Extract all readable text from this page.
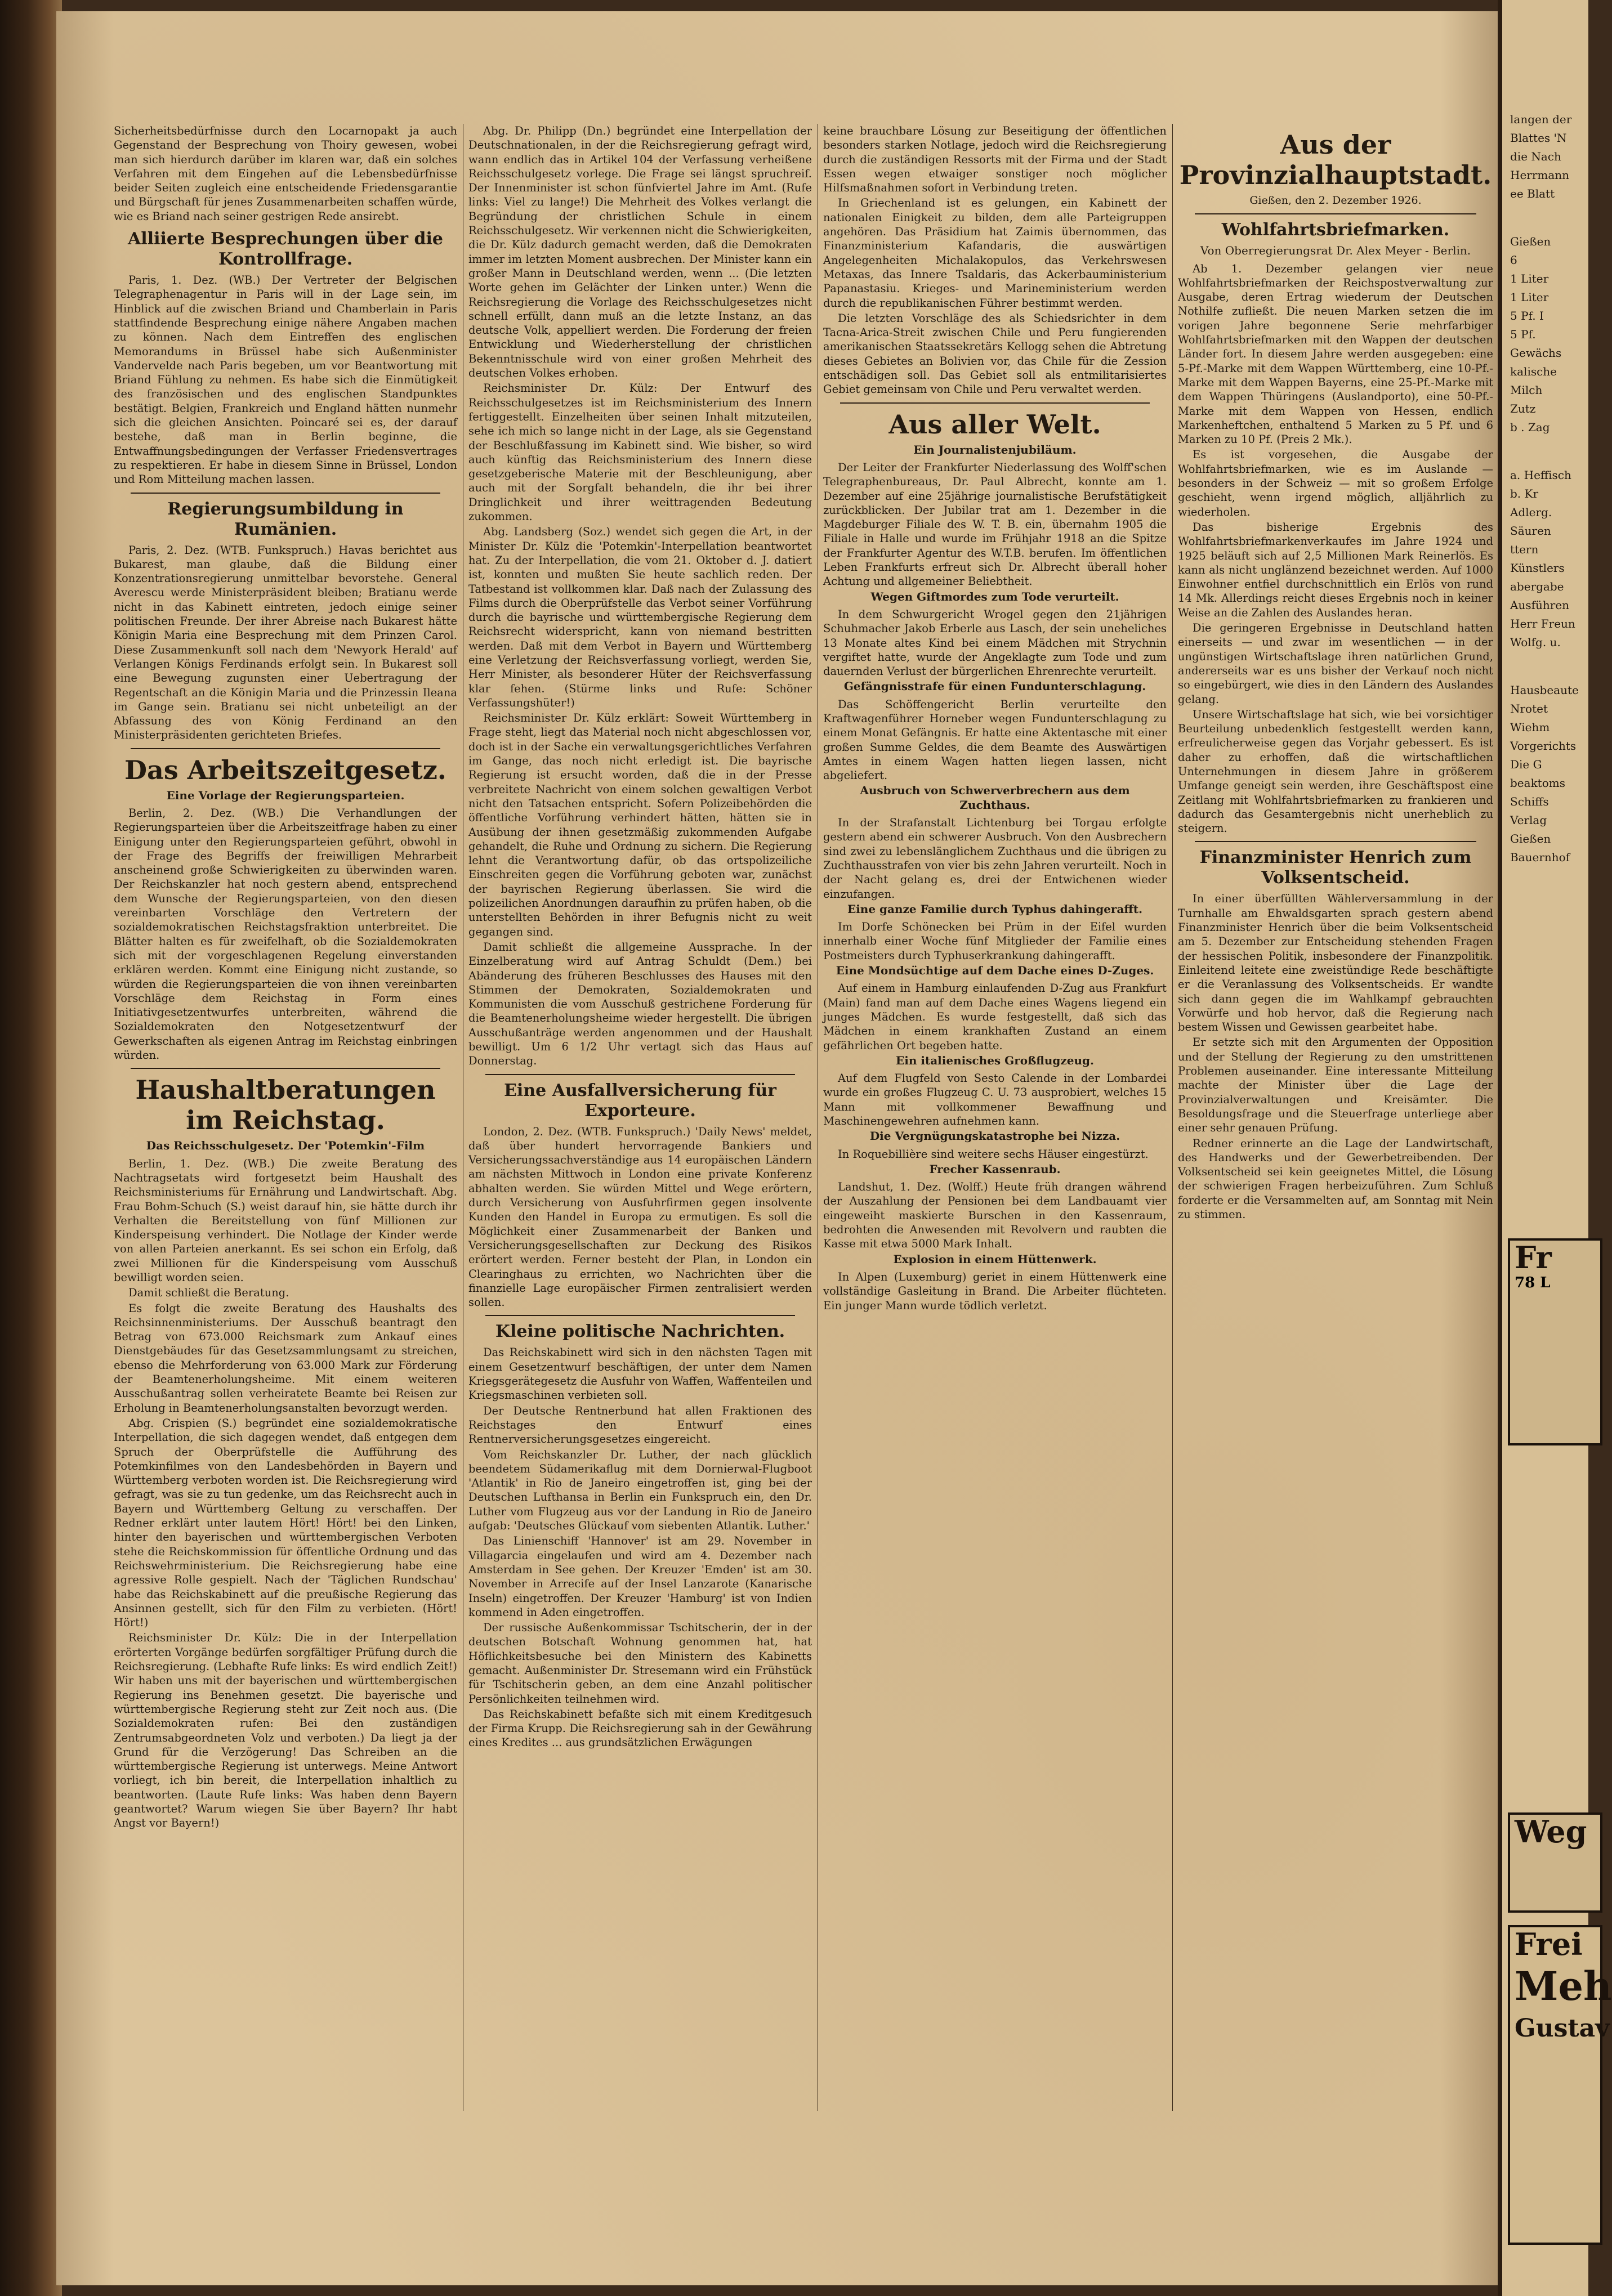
Sicherheitsbedürfnisse durch den Locarnopakt ja auch Gegenstand der Besprechung von Thoiry gewesen, wobei man sich hierdurch darüber im klaren war, daß ein solches Verfahren mit dem Eingehen auf die Lebensbedürfnisse beider Seiten zugleich eine entscheidende Friedensgarantie und Bürgschaft für jenes Zusammenarbeiten schaffen würde, wie es Briand nach seiner gestrigen Rede ansirebt.

Alliierte Besprechungen über die Kontrollfrage.

Paris, 1. Dez. (WB.) Der Vertreter der Belgischen Telegraphenagentur in Paris will in der Lage sein, im Hinblick auf die zwischen Briand und Chamberlain in Paris stattfindende Besprechung einige nähere Angaben machen zu können. Nach dem Eintreffen des englischen Memorandums in Brüssel habe sich Außenminister Vandervelde nach Paris begeben, um vor Beantwortung mit Briand Fühlung zu nehmen. Es habe sich die Einmütigkeit des französischen und des englischen Standpunktes bestätigt. Belgien, Frankreich und England hätten nunmehr sich die gleichen Ansichten. Poincaré sei es, der darauf bestehe, daß man in Berlin beginne, die Entwaffnungsbedingungen der Verfasser Friedensvertrages zu respektieren. Er habe in diesem Sinne in Brüssel, London und Rom Mitteilung machen lassen.

Regierungsumbildung in Rumänien.

Paris, 2. Dez. (WTB. Funkspruch.) Havas berichtet aus Bukarest, man glaube, daß die Bildung einer Konzentrationsregierung unmittelbar bevorstehe. General Averescu werde Ministerpräsident bleiben; Bratianu werde nicht in das Kabinett eintreten, jedoch einige seiner politischen Freunde. Der ihrer Abreise nach Bukarest hätte Königin Maria eine Besprechung mit dem Prinzen Carol. Diese Zusammenkunft soll nach dem 'Newyork Herald' auf Verlangen Königs Ferdinands erfolgt sein. In Bukarest soll eine Bewegung zugunsten einer Uebertragung der Regentschaft an die Königin Maria und die Prinzessin Ileana im Gange sein. Bratianu sei nicht unbeteiligt an der Abfassung des von König Ferdinand an den Ministerpräsidenten gerichteten Briefes.

Das Arbeitszeitgesetz.
Eine Vorlage der Regierungsparteien.

Berlin, 2. Dez. (WB.) Die Verhandlungen der Regierungsparteien über die Arbeitszeitfrage haben zu einer Einigung unter den Regierungsparteien geführt, obwohl in der Frage des Begriffs der freiwilligen Mehrarbeit anscheinend große Schwierigkeiten zu überwinden waren. Der Reichskanzler hat noch gestern abend, entsprechend dem Wunsche der Regierungsparteien, von den diesen vereinbarten Vorschläge den Vertretern der sozialdemokratischen Reichstagsfraktion unterbreitet. Die Blätter halten es für zweifelhaft, ob die Sozialdemokraten sich mit der vorgeschlagenen Regelung einverstanden erklären werden. Kommt eine Einigung nicht zustande, so würden die Regierungsparteien die von ihnen vereinbarten Vorschläge dem Reichstag in Form eines Initiativgesetzentwurfes unterbreiten, während die Sozialdemokraten den Notgesetzentwurf der Gewerkschaften als eigenen Antrag im Reichstag einbringen würden.

Haushaltberatungen im Reichstag.
Das Reichsschulgesetz. Der 'Potemkin'-Film

Berlin, 1. Dez. (WB.) Die zweite Beratung des Nachtragsetats wird fortgesetzt beim Haushalt des Reichsministeriums für Ernährung und Landwirtschaft. Abg. Frau Bohm-Schuch (S.) weist darauf hin, sie hätte durch ihr Verhalten die Bereitstellung von fünf Millionen zur Kinderspeisung verhindert. Die Notlage der Kinder werde von allen Parteien anerkannt. Es sei schon ein Erfolg, daß zwei Millionen für die Kinderspeisung vom Ausschuß bewilligt worden seien.

Damit schließt die Beratung.

Es folgt die zweite Beratung des Haushalts des Reichsinnenministeriums. Der Ausschuß beantragt den Betrag von 673.000 Reichsmark zum Ankauf eines Dienstgebäudes für das Gesetzsammlungsamt zu streichen, ebenso die Mehrforderung von 63.000 Mark zur Förderung der Beamtenerholungsheime. Mit einem weiteren Ausschußantrag sollen verheiratete Beamte bei Reisen zur Erholung in Beamtenerholungsanstalten bevorzugt werden.

Abg. Crispien (S.) begründet eine sozialdemokratische Interpellation, die sich dagegen wendet, daß entgegen dem Spruch der Oberprüfstelle die Aufführung des Potemkinfilmes von den Landesbehörden in Bayern und Württemberg verboten worden ist. Die Reichsregierung wird gefragt, was sie zu tun gedenke, um das Reichsrecht auch in Bayern und Württemberg Geltung zu verschaffen. Der Redner erklärt unter lautem Hört! Hört! bei den Linken, hinter den bayerischen und württembergischen Verboten stehe die Reichskommission für öffentliche Ordnung und das Reichswehrministerium. Die Reichsregierung habe eine agressive Rolle gespielt. Nach der 'Täglichen Rundschau' habe das Reichskabinett auf die preußische Regierung das Ansinnen gestellt, sich für den Film zu verbieten. (Hört! Hört!)

Reichsminister Dr. Külz: Die in der Interpellation erörterten Vorgänge bedürfen sorgfältiger Prüfung durch die Reichsregierung. (Lebhafte Rufe links: Es wird endlich Zeit!) Wir haben uns mit der bayerischen und württembergischen Regierung ins Benehmen gesetzt. Die bayerische und württembergische Regierung steht zur Zeit noch aus. (Die Sozialdemokraten rufen: Bei den zuständigen Zentrumsabgeordneten Volz und verboten.) Da liegt ja der Grund für die Verzögerung! Das Schreiben an die württembergische Regierung ist unterwegs. Meine Antwort vorliegt, ich bin bereit, die Interpellation inhaltlich zu beantworten. (Laute Rufe links: Was haben denn Bayern geantwortet? Warum wiegen Sie über Bayern? Ihr habt Angst vor Bayern!)

Abg. Dr. Philipp (Dn.) begründet eine Interpellation der Deutschnationalen, in der die Reichsregierung gefragt wird, wann endlich das in Artikel 104 der Verfassung verheißene Reichsschulgesetz vorlege. Die Frage sei längst spruchreif. Der Innenminister ist schon fünfviertel Jahre im Amt. (Rufe links: Viel zu lange!) Die Mehrheit des Volkes verlangt die Begründung der christlichen Schule in einem Reichsschulgesetz. Wir verkennen nicht die Schwierigkeiten, die Dr. Külz dadurch gemacht werden, daß die Demokraten immer im letzten Moment ausbrechen. Der Minister kann ein großer Mann in Deutschland werden, wenn ... (Die letzten Worte gehen im Gelächter der Linken unter.) Wenn die Reichsregierung die Vorlage des Reichsschulgesetzes nicht schnell erfüllt, dann muß an die letzte Instanz, an das deutsche Volk, appelliert werden. Die Forderung der freien Entwicklung und Wiederherstellung der christlichen Bekenntnisschule wird von einer großen Mehrheit des deutschen Volkes erhoben.

Reichsminister Dr. Külz: Der Entwurf des Reichsschulgesetzes ist im Reichsministerium des Innern fertiggestellt. Einzelheiten über seinen Inhalt mitzuteilen, sehe ich mich so lange nicht in der Lage, als sie Gegenstand der Beschlußfassung im Kabinett sind. Wie bisher, so wird auch künftig das Reichsministerium des Innern diese gesetzgeberische Materie mit der Beschleunigung, aber auch mit der Sorgfalt behandeln, die ihr bei ihrer Dringlichkeit und ihrer weittragenden Bedeutung zukommen.

Abg. Landsberg (Soz.) wendet sich gegen die Art, in der Minister Dr. Külz die 'Potemkin'-Interpellation beantwortet hat. Zu der Interpellation, die vom 21. Oktober d. J. datiert ist, konnten und mußten Sie heute sachlich reden. Der Tatbestand ist vollkommen klar. Daß nach der Zulassung des Films durch die Oberprüfstelle das Verbot seiner Vorführung durch die bayrische und württembergische Regierung dem Reichsrecht widerspricht, kann von niemand bestritten werden. Daß mit dem Verbot in Bayern und Württemberg eine Verletzung der Reichsverfassung vorliegt, werden Sie, Herr Minister, als besonderer Hüter der Reichsverfassung klar fehen. (Stürme links und Rufe: Schöner Verfassungshüter!)

Reichsminister Dr. Külz erklärt: Soweit Württemberg in Frage steht, liegt das Material noch nicht abgeschlossen vor, doch ist in der Sache ein verwaltungsgerichtliches Verfahren im Gange, das noch nicht erledigt ist. Die bayrische Regierung ist ersucht worden, daß die in der Presse verbreitete Nachricht von einem solchen gewaltigen Verbot nicht den Tatsachen entspricht. Sofern Polizeibehörden die öffentliche Vorführung verhindert hätten, hätten sie in Ausübung der ihnen gesetzmäßig zukommenden Aufgabe gehandelt, die Ruhe und Ordnung zu sichern. Die Regierung lehnt die Verantwortung dafür, ob das ortspolizeiliche Einschreiten gegen die Vorführung geboten war, zunächst der bayrischen Regierung überlassen. Sie wird die polizeilichen Anordnungen daraufhin zu prüfen haben, ob die unterstellten Behörden in ihrer Befugnis nicht zu weit gegangen sind.

Damit schließt die allgemeine Aussprache. In der Einzelberatung wird auf Antrag Schuldt (Dem.) bei Abänderung des früheren Beschlusses des Hauses mit den Stimmen der Demokraten, Sozialdemokraten und Kommunisten die vom Ausschuß gestrichene Forderung für die Beamtenerholungsheime wieder hergestellt. Die übrigen Ausschußanträge werden angenommen und der Haushalt bewilligt. Um 6 1/2 Uhr vertagt sich das Haus auf Donnerstag.

Eine Ausfallversicherung für Exporteure.

London, 2. Dez. (WTB. Funkspruch.) 'Daily News' meldet, daß über hundert hervorragende Bankiers und Versicherungssachverständige aus 14 europäischen Ländern am nächsten Mittwoch in London eine private Konferenz abhalten werden. Sie würden Mittel und Wege erörtern, durch Versicherung von Ausfuhrfirmen gegen insolvente Kunden den Handel in Europa zu ermutigen. Es soll die Möglichkeit einer Zusammenarbeit der Banken und Versicherungsgesellschaften zur Deckung des Risikos erörtert werden. Ferner besteht der Plan, in London ein Clearinghaus zu errichten, wo Nachrichten über die finanzielle Lage europäischer Firmen zentralisiert werden sollen.

Kleine politische Nachrichten.

Das Reichskabinett wird sich in den nächsten Tagen mit einem Gesetzentwurf beschäftigen, der unter dem Namen Kriegsgerätegesetz die Ausfuhr von Waffen, Waffenteilen und Kriegsmaschinen verbieten soll.

Der Deutsche Rentnerbund hat allen Fraktionen des Reichstages den Entwurf eines Rentnerversicherungsgesetzes eingereicht.

Vom Reichskanzler Dr. Luther, der nach glücklich beendetem Südamerikaflug mit dem Dornierwal-Flugboot 'Atlantik' in Rio de Janeiro eingetroffen ist, ging bei der Deutschen Lufthansa in Berlin ein Funkspruch ein, den Dr. Luther vom Flugzeug aus vor der Landung in Rio de Janeiro aufgab: 'Deutsches Glückauf vom siebenten Atlantik. Luther.'

Das Linienschiff 'Hannover' ist am 29. November in Villagarcia eingelaufen und wird am 4. Dezember nach Amsterdam in See gehen. Der Kreuzer 'Emden' ist am 30. November in Arrecife auf der Insel Lanzarote (Kanarische Inseln) eingetroffen. Der Kreuzer 'Hamburg' ist von Indien kommend in Aden eingetroffen.

Der russische Außenkommissar Tschitscherin, der in der deutschen Botschaft Wohnung genommen hat, hat Höflichkeitsbesuche bei den Ministern des Kabinetts gemacht. Außenminister Dr. Stresemann wird ein Frühstück für Tschitscherin geben, an dem eine Anzahl politischer Persönlichkeiten teilnehmen wird.

Das Reichskabinett befaßte sich mit einem Kreditgesuch der Firma Krupp. Die Reichsregierung sah in der Gewährung eines Kredites ... aus grundsätzlichen Erwägungen

keine brauchbare Lösung zur Beseitigung der öffentlichen besonders starken Notlage, jedoch wird die Reichsregierung durch die zuständigen Ressorts mit der Firma und der Stadt Essen wegen etwaiger sonstiger noch möglicher Hilfsmaßnahmen sofort in Verbindung treten.

In Griechenland ist es gelungen, ein Kabinett der nationalen Einigkeit zu bilden, dem alle Parteigruppen angehören. Das Präsidium hat Zaimis übernommen, das Finanzministerium Kafandaris, die auswärtigen Angelegenheiten Michalakopulos, das Verkehrswesen Metaxas, das Innere Tsaldaris, das Ackerbauministerium Papanastasiu. Krieges- und Marineministerium werden durch die republikanischen Führer bestimmt werden.

Die letzten Vorschläge des als Schiedsrichter in dem Tacna-Arica-Streit zwischen Chile und Peru fungierenden amerikanischen Staatssekretärs Kellogg sehen die Abtretung dieses Gebietes an Bolivien vor, das Chile für die Zession entschädigen soll. Das Gebiet soll als entmilitarisiertes Gebiet gemeinsam von Chile und Peru verwaltet werden.

Aus aller Welt.
Ein Journalistenjubiläum.

Der Leiter der Frankfurter Niederlassung des Wolff'schen Telegraphenbureaus, Dr. Paul Albrecht, konnte am 1. Dezember auf eine 25jährige journalistische Berufstätigkeit zurückblicken. Der Jubilar trat am 1. Dezember in die Magdeburger Filiale des W. T. B. ein, übernahm 1905 die Filiale in Halle und wurde im Frühjahr 1918 an die Spitze der Frankfurter Agentur des W.T.B. berufen. Im öffentlichen Leben Frankfurts erfreut sich Dr. Albrecht überall hoher Achtung und allgemeiner Beliebtheit.

Wegen Giftmordes zum Tode verurteilt.

In dem Schwurgericht Wrogel gegen den 21jährigen Schuhmacher Jakob Erberle aus Lasch, der sein uneheliches 13 Monate altes Kind bei einem Mädchen mit Strychnin vergiftet hatte, wurde der Angeklagte zum Tode und zum dauernden Verlust der bürgerlichen Ehrenrechte verurteilt.

Gefängnisstrafe für einen Fundunterschlagung.

Das Schöffengericht Berlin verurteilte den Kraftwagenführer Horneber wegen Fundunterschlagung zu einem Monat Gefängnis. Er hatte eine Aktentasche mit einer großen Summe Geldes, die dem Beamte des Auswärtigen Amtes in einem Wagen hatten liegen lassen, nicht abgeliefert.

Ausbruch von Schwerverbrechern aus dem Zuchthaus.

In der Strafanstalt Lichtenburg bei Torgau erfolgte gestern abend ein schwerer Ausbruch. Von den Ausbrechern sind zwei zu lebenslänglichem Zuchthaus und die übrigen zu Zuchthausstrafen von vier bis zehn Jahren verurteilt. Noch in der Nacht gelang es, drei der Entwichenen wieder einzufangen.

Eine ganze Familie durch Typhus dahingerafft.

Im Dorfe Schönecken bei Prüm in der Eifel wurden innerhalb einer Woche fünf Mitglieder der Familie eines Postmeisters durch Typhuserkrankung dahingerafft.

Eine Mondsüchtige auf dem Dache eines D-Zuges.

Auf einem in Hamburg einlaufenden D-Zug aus Frankfurt (Main) fand man auf dem Dache eines Wagens liegend ein junges Mädchen. Es wurde festgestellt, daß sich das Mädchen in einem krankhaften Zustand an einem gefährlichen Ort begeben hatte.

Ein italienisches Großflugzeug.

Auf dem Flugfeld von Sesto Calende in der Lombardei wurde ein großes Flugzeug C. U. 73 ausprobiert, welches 15 Mann mit vollkommener Bewaffnung und Maschinengewehren aufnehmen kann.

Die Vergnügungskatastrophe bei Nizza.

In Roquebillière sind weitere sechs Häuser eingestürzt.

Frecher Kassenraub.

Landshut, 1. Dez. (Wolff.) Heute früh drangen während der Auszahlung der Pensionen bei dem Landbauamt vier eingeweiht maskierte Burschen in den Kassenraum, bedrohten die Anwesenden mit Revolvern und raubten die Kasse mit etwa 5000 Mark Inhalt.

Explosion in einem Hüttenwerk.

In Alpen (Luxemburg) geriet in einem Hüttenwerk eine vollständige Gasleitung in Brand. Die Arbeiter flüchteten. Ein junger Mann wurde tödlich verletzt.

Aus der Provinzialhauptstadt.
Gießen, den 2. Dezember 1926.
Wohlfahrtsbriefmarken.
Von Oberregierungsrat Dr. Alex Meyer - Berlin.

Ab 1. Dezember gelangen vier neue Wohlfahrtsbriefmarken der Reichspostverwaltung zur Ausgabe, deren Ertrag wiederum der Deutschen Nothilfe zufließt. Die neuen Marken setzen die im vorigen Jahre begonnene Serie mehrfarbiger Wohlfahrtsbriefmarken mit den Wappen der deutschen Länder fort. In diesem Jahre werden ausgegeben: eine 5-Pf.-Marke mit dem Wappen Württemberg, eine 10-Pf.-Marke mit dem Wappen Bayerns, eine 25-Pf.-Marke mit dem Wappen Thüringens (Auslandporto), eine 50-Pf.-Marke mit dem Wappen von Hessen, endlich Markenheftchen, enthaltend 5 Marken zu 5 Pf. und 6 Marken zu 10 Pf. (Preis 2 Mk.).

Es ist vorgesehen, die Ausgabe der Wohlfahrtsbriefmarken, wie es im Auslande — besonders in der Schweiz — mit so großem Erfolge geschieht, wenn irgend möglich, alljährlich zu wiederholen.

Das bisherige Ergebnis des Wohlfahrtsbriefmarkenverkaufes im Jahre 1924 und 1925 beläuft sich auf 2,5 Millionen Mark Reinerlös. Es kann als nicht unglänzend bezeichnet werden. Auf 1000 Einwohner entfiel durchschnittlich ein Erlös von rund 14 Mk. Allerdings reicht dieses Ergebnis noch in keiner Weise an die Zahlen des Auslandes heran.

Die geringeren Ergebnisse in Deutschland hatten einerseits — und zwar im wesentlichen — in der ungünstigen Wirtschaftslage ihren natürlichen Grund, andererseits war es uns bisher der Verkauf noch nicht so eingebürgert, wie dies in den Ländern des Auslandes gelang.

Unsere Wirtschaftslage hat sich, wie bei vorsichtiger Beurteilung unbedenklich festgestellt werden kann, erfreulicherweise gegen das Vorjahr gebessert. Es ist daher zu erhoffen, daß die wirtschaftlichen Unternehmungen in diesem Jahre in größerem Umfange geneigt sein werden, ihre Geschäftspost eine Zeitlang mit Wohlfahrtsbriefmarken zu frankieren und dadurch das Gesamtergebnis nicht unerheblich zu steigern.

Finanzminister Henrich zum Volksentscheid.

In einer überfüllten Wählerversammlung in der Turnhalle am Ehwaldsgarten sprach gestern abend Finanzminister Henrich über die beim Volksentscheid am 5. Dezember zur Entscheidung stehenden Fragen der hessischen Politik, insbesondere der Finanzpolitik. Einleitend leitete eine zweistündige Rede beschäftigte er die Veranlassung des Volksentscheids. Er wandte sich dann gegen die im Wahlkampf gebrauchten Vorwürfe und hob hervor, daß die Regierung nach bestem Wissen und Gewissen gearbeitet habe.

Er setzte sich mit den Argumenten der Opposition und der Stellung der Regierung zu den umstrittenen Problemen auseinander. Eine interessante Mitteilung machte der Minister über die Lage der Provinzialverwaltungen und Kreisämter. Die Besoldungsfrage und die Steuerfrage unterliege aber einer sehr genauen Prüfung.

Redner erinnerte an die Lage der Landwirtschaft, des Handwerks und der Gewerbetreibenden. Der Volksentscheid sei kein geeignetes Mittel, die Lösung der schwierigen Fragen herbeizuführen. Zum Schluß forderte er die Versammelten auf, am Sonntag mit Nein zu stimmen.

langen der
Blattes 'N
die Nach
Herrmann
ee Blatt
Gießen
6
1 Liter
1 Liter
5 Pf. I
5 Pf.
Gewächs
kalische
Milch
Zutz
b . Zag
a. Heffisch
b. Kr
Adlerg.
Säuren
ttern
Künstlers
abergabe
Ausführen
Herr Freun
Wolfg. u.
Hausbeaute
Nrotet
Wiehm
Vorgerichts
Die G
beaktoms
Schiffs
Verlag
Gießen
Bauernhof
Fr
78 L
Weg
Frei
Meh
Gustav
